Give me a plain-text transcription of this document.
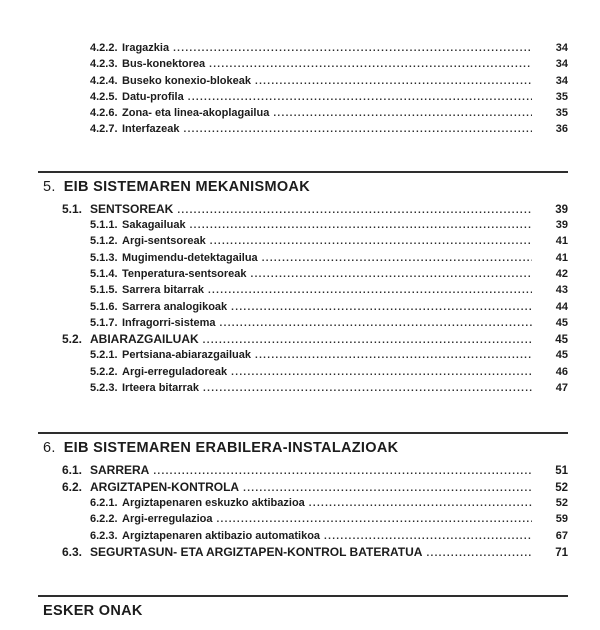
4.2.2. Iragazkia .....	34
4.2.3. Bus-konektorea .....	34
4.2.4. Buseko konexio-blokeak .....	34
4.2.5. Datu-profila .....	35
4.2.6. Zona- eta linea-akoplagailua .....	35
4.2.7. Interfazeak .....	36
5. EIB SISTEMAREN MEKANISMOAK
5.1. SENTSOREAK .....	39
5.1.1. Sakagailuak .....	39
5.1.2. Argi-sentsoreak .....	41
5.1.3. Mugimendu-detektagailua .....	41
5.1.4. Tenperatura-sentsoreak .....	42
5.1.5. Sarrera bitarrak .....	43
5.1.6. Sarrera analogikoak .....	44
5.1.7. Infragorri-sistema .....	45
5.2. ABIARAZGAILUAK .....	45
5.2.1. Pertsiana-abiarazgailuak .....	45
5.2.2. Argi-erreguladoreak .....	46
5.2.3. Irteera bitarrak .....	47
6. EIB SISTEMAREN ERABILERA-INSTALAZIOAK
6.1. SARRERA .....	51
6.2. ARGIZTAPEN-KONTROLA .....	52
6.2.1. Argiztapenaren eskuzko aktibazioa .....	52
6.2.2. Argi-erregulazioa .....	59
6.2.3. Argiztapenaren aktibazio automatikoa .....	67
6.3. SEGURTASUN- ETA ARGIZTAPEN-KONTROL BATERATUA .....	71
ESKER ONAK
